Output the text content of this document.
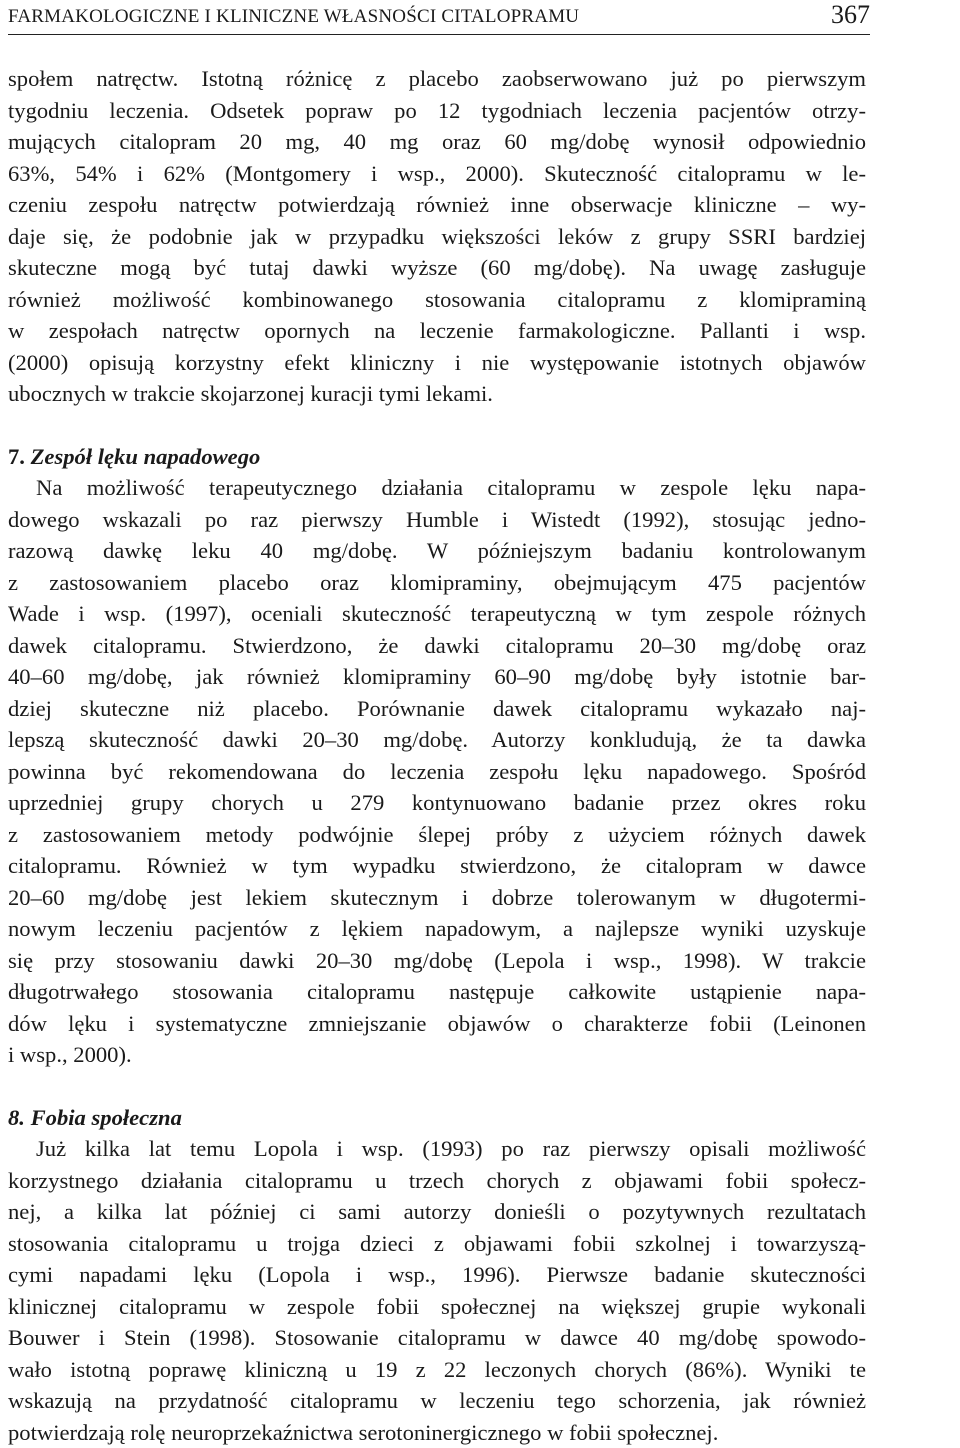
FARMAKOLOGICZNE I KLINICZNE WŁASNOŚCI CITALOPRAMU	367

społem natręctw. Istotną różnicę z placebo zaobserwowano już po pierwszym
tygodniu leczenia. Odsetek popraw po 12 tygodniach leczenia pacjentów otrzy-
mujących citalopram 20 mg, 40 mg oraz 60 mg/dobę wynosił odpowiednio
63%, 54% i 62% (Montgomery i wsp., 2000). Skuteczność citalopramu w le-
czeniu zespołu natręctw potwierdzają również inne obserwacje kliniczne – wy-
daje się, że podobnie jak w przypadku większości leków z grupy SSRI bardziej
skuteczne mogą być tutaj dawki wyższe (60 mg/dobę). Na uwagę zasługuje
również możliwość kombinowanego stosowania citalopramu z klomipraminą
w zespołach natręctw opornych na leczenie farmakologiczne. Pallanti i wsp.
(2000) opisują korzystny efekt kliniczny i nie występowanie istotnych objawów
ubocznych w trakcie skojarzonej kuracji tymi lekami.

7. Zespół lęku napadowego

Na możliwość terapeutycznego działania citalopramu w zespole lęku napa-
dowego wskazali po raz pierwszy Humble i Wistedt (1992), stosując jedno-
razową dawkę leku 40 mg/dobę. W późniejszym badaniu kontrolowanym
z zastosowaniem placebo oraz klomipraminy, obejmującym 475 pacjentów
Wade i wsp. (1997), oceniali skuteczność terapeutyczną w tym zespole różnych
dawek citalopramu. Stwierdzono, że dawki citalopramu 20–30 mg/dobę oraz
40–60 mg/dobę, jak również klomipraminy 60–90 mg/dobę były istotnie bar-
dziej skuteczne niż placebo. Porównanie dawek citalopramu wykazało naj-
lepszą skuteczność dawki 20–30 mg/dobę. Autorzy konkludują, że ta dawka
powinna być rekomendowana do leczenia zespołu lęku napadowego. Spośród
uprzedniej grupy chorych u 279 kontynuowano badanie przez okres roku
z zastosowaniem metody podwójnie ślepej próby z użyciem różnych dawek
citalopramu. Również w tym wypadku stwierdzono, że citalopram w dawce
20–60 mg/dobę jest lekiem skutecznym i dobrze tolerowanym w długotermi-
nowym leczeniu pacjentów z lękiem napadowym, a najlepsze wyniki uzyskuje
się przy stosowaniu dawki 20–30 mg/dobę (Lepola i wsp., 1998). W trakcie
długotrwałego stosowania citalopramu następuje całkowite ustąpienie napa-
dów lęku i systematyczne zmniejszanie objawów o charakterze fobii (Leinonen
i wsp., 2000).

8. Fobia społeczna

Już kilka lat temu Lopola i wsp. (1993) po raz pierwszy opisali możliwość
korzystnego działania citalopramu u trzech chorych z objawami fobii społecz-
nej, a kilka lat później ci sami autorzy donieśli o pozytywnych rezultatach
stosowania citalopramu u trojga dzieci z objawami fobii szkolnej i towarzyszą-
cymi napadami lęku (Lopola i wsp., 1996). Pierwsze badanie skuteczności
klinicznej citalopramu w zespole fobii społecznej na większej grupie wykonali
Bouwer i Stein (1998). Stosowanie citalopramu w dawce 40 mg/dobę spowodo-
wało istotną poprawę kliniczną u 19 z 22 leczonych chorych (86%). Wyniki te
wskazują na przydatność citalopramu w leczeniu tego schorzenia, jak również
potwierdzają rolę neuroprzekaźnictwa serotoninergicznego w fobii społecznej.
